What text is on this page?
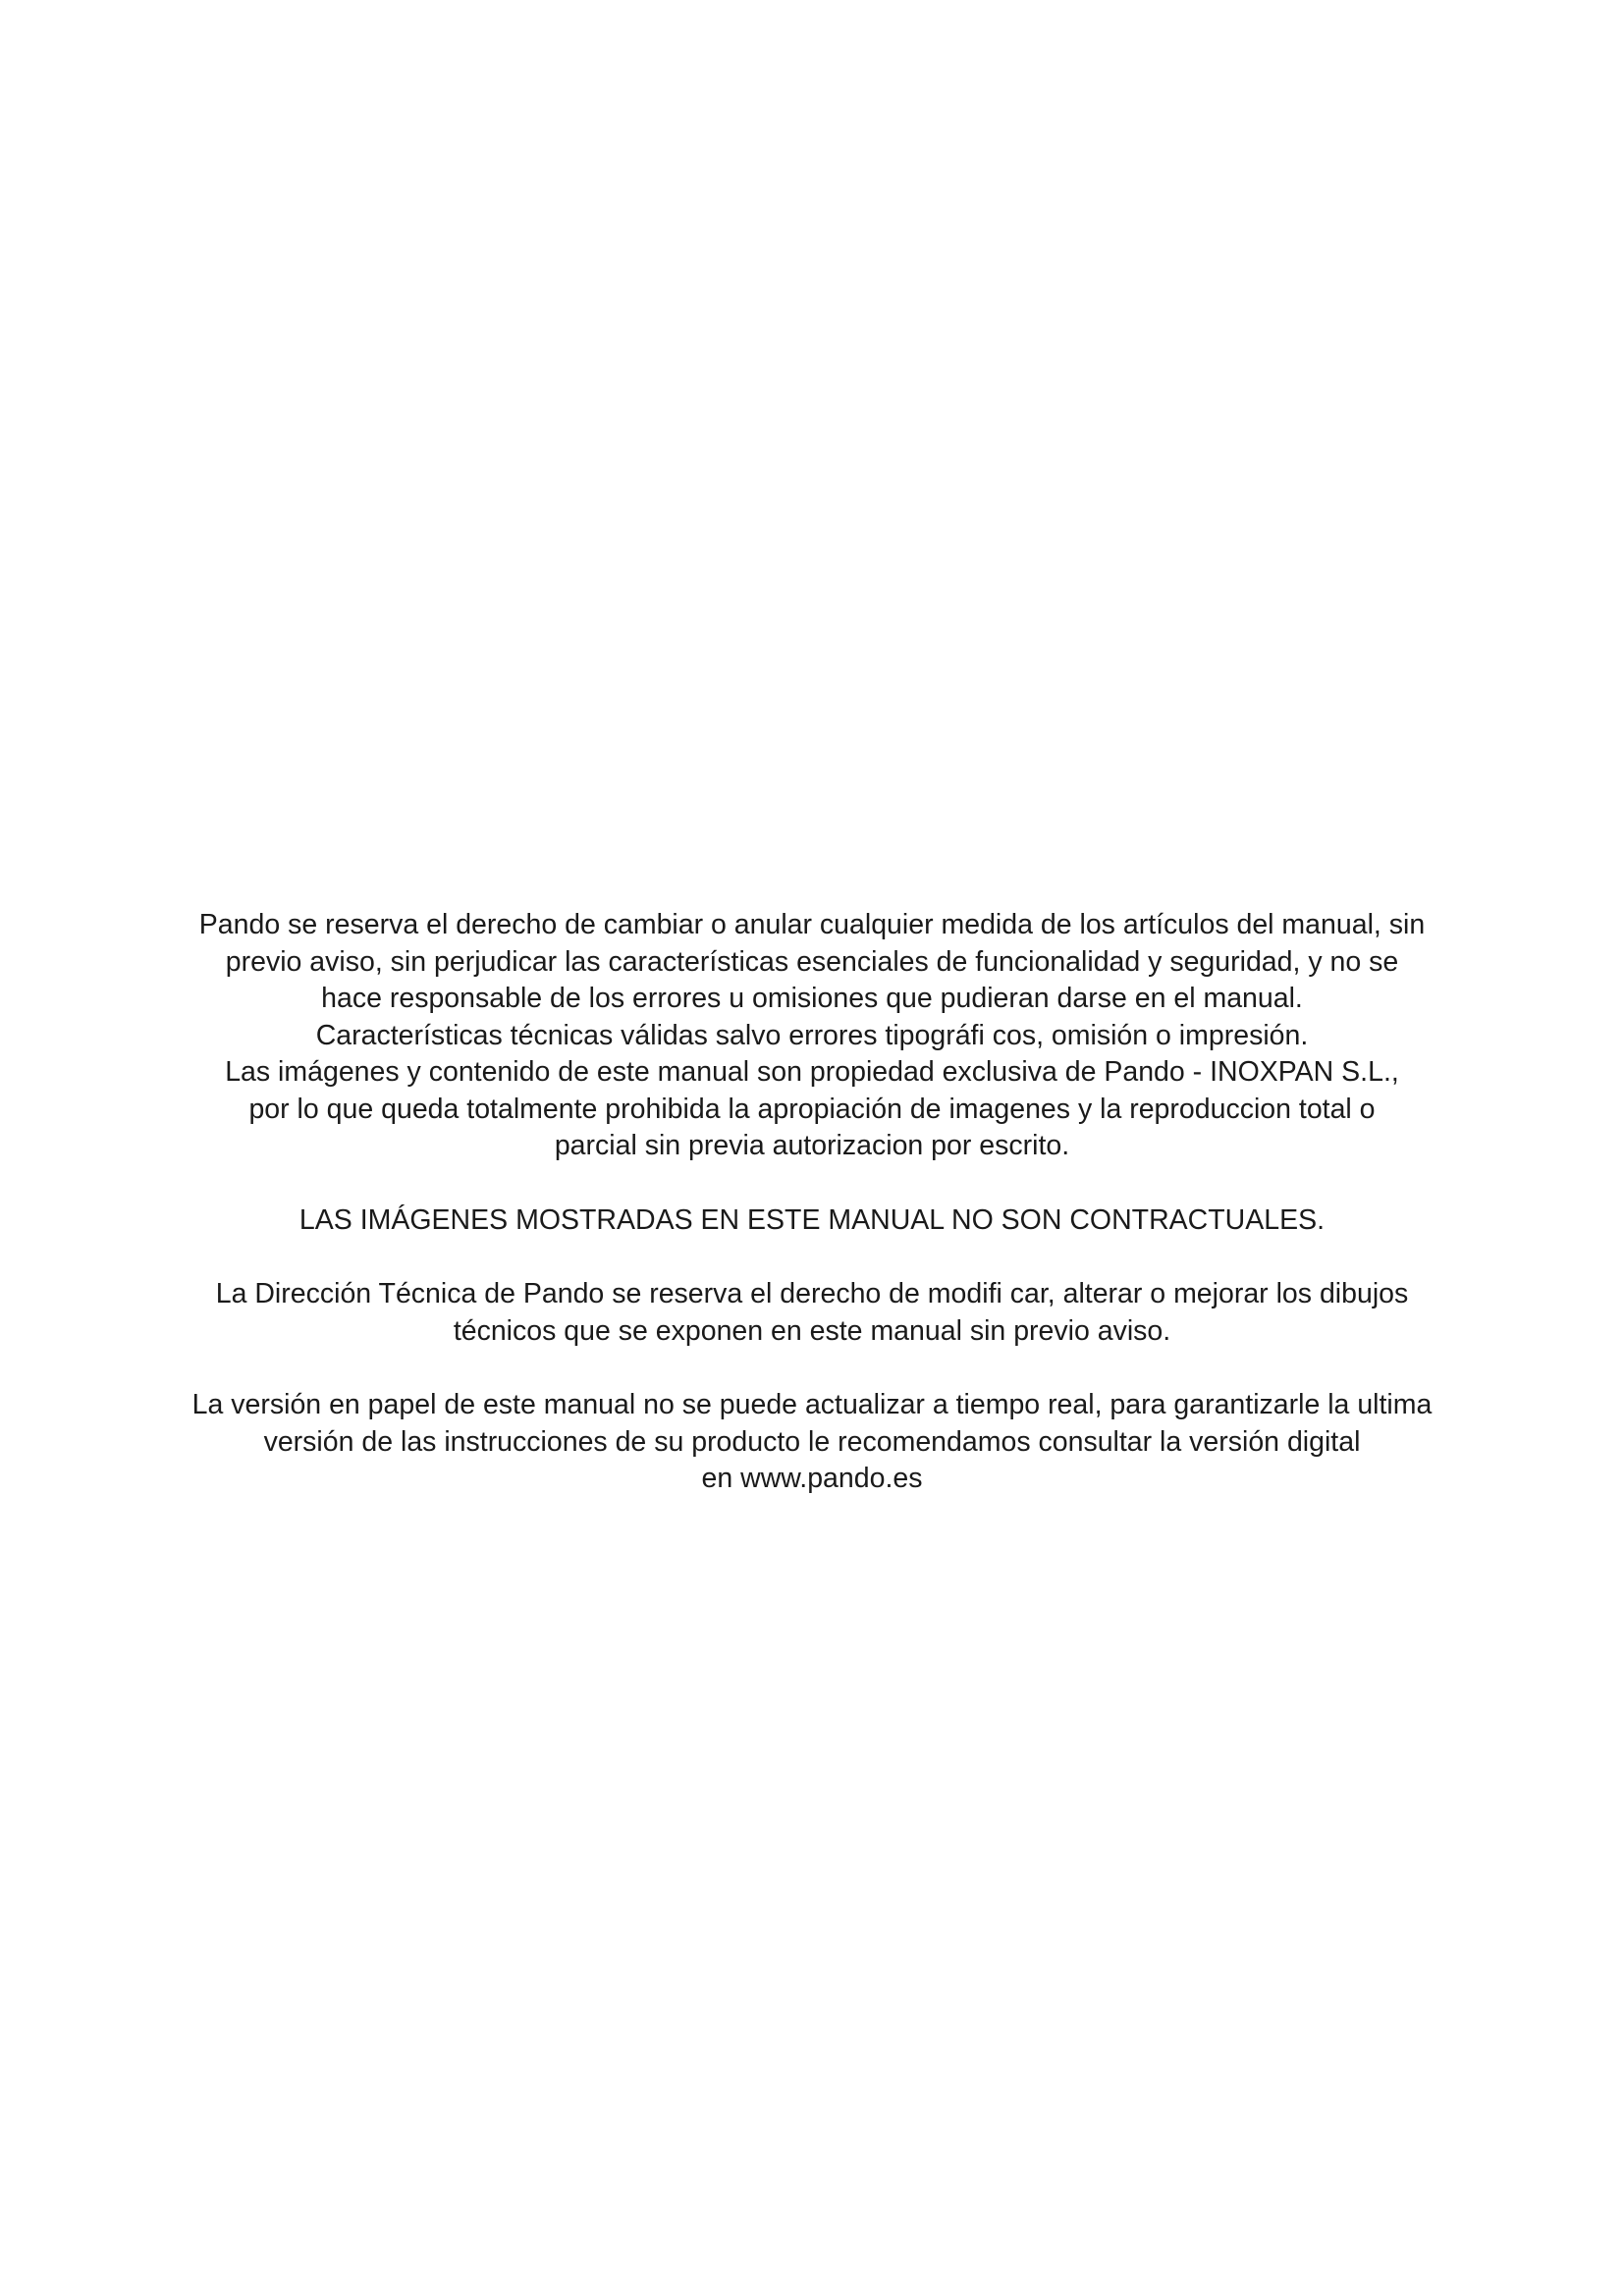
Pando se reserva el derecho de cambiar o anular cualquier medida de los artículos del manual, sin
previo aviso, sin perjudicar las características esenciales de funcionalidad y seguridad, y no se
hace responsable de los errores u omisiones que pudieran darse en el manual.
Características técnicas válidas salvo errores tipográfi cos, omisión o impresión.
Las imágenes y contenido de este manual son propiedad exclusiva de Pando - INOXPAN S.L.,
por lo que queda totalmente prohibida la apropiación de imagenes y la reproduccion total o
parcial sin previa autorizacion por escrito.

LAS IMÁGENES MOSTRADAS EN ESTE MANUAL NO SON CONTRACTUALES.

La Dirección Técnica de Pando se reserva el derecho de modifi car, alterar o mejorar los dibujos
técnicos que se exponen en este manual sin previo aviso.

La versión en papel de este manual no se puede actualizar a tiempo real, para garantizarle la ultima
versión de las instrucciones de su producto le recomendamos consultar la versión digital
en www.pando.es
